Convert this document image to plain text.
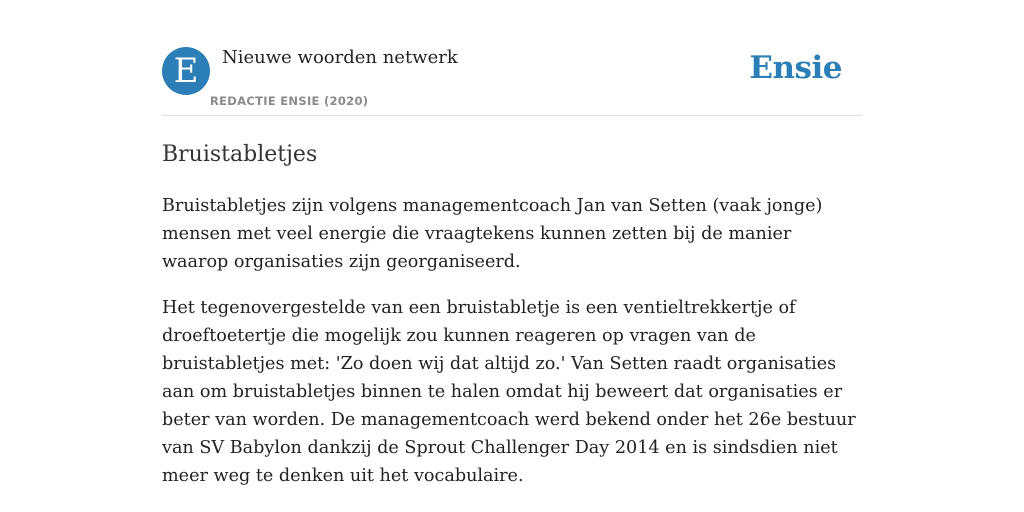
E	Nieuwe woorden netwerk
REDACTIE ENSIE (2020)
Ensie
Bruistabletjes

Bruistabletjes zijn volgens managementcoach Jan van Setten (vaak jonge) mensen met veel energie die vraagtekens kunnen zetten bij de manier waarop organisaties zijn georganiseerd.

Het tegenovergestelde van een bruistabletje is een ventieltrekkertje of droeftoetertje die mogelijk zou kunnen reageren op vragen van de bruistabletjes met: 'Zo doen wij dat altijd zo.' Van Setten raadt organisaties aan om bruistabletjes binnen te halen omdat hij beweert dat organisaties er beter van worden. De managementcoach werd bekend onder het 26e bestuur van SV Babylon dankzij de Sprout Challenger Day 2014 en is sindsdien niet meer weg te denken uit het vocabulaire.
